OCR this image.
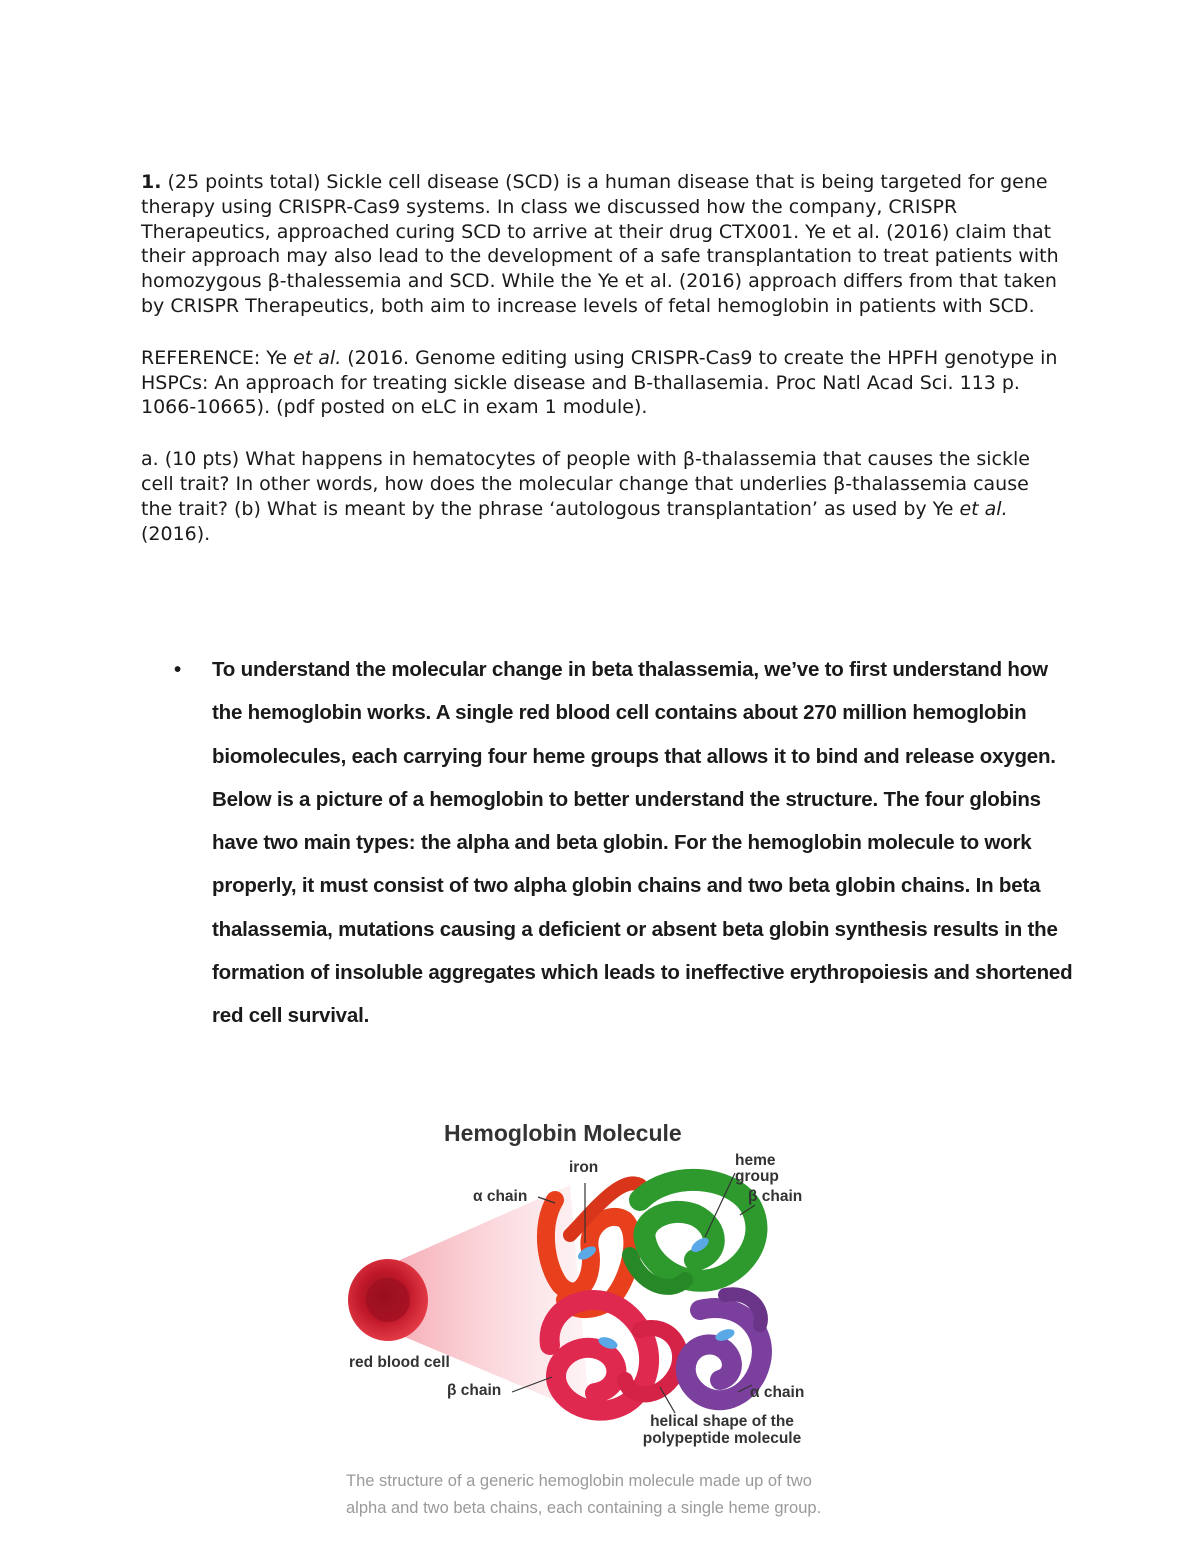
1. (25 points total) Sickle cell disease (SCD) is a human disease that is being targeted for gene therapy using CRISPR-Cas9 systems. In class we discussed how the company, CRISPR Therapeutics, approached curing SCD to arrive at their drug CTX001. Ye et al. (2016) claim that their approach may also lead to the development of a safe transplantation to treat patients with homozygous β-thalessemia and SCD. While the Ye et al. (2016) approach differs from that taken by CRISPR Therapeutics, both aim to increase levels of fetal hemoglobin in patients with SCD.

REFERENCE: Ye et al. (2016. Genome editing using CRISPR-Cas9 to create the HPFH genotype in HSPCs: An approach for treating sickle disease and B-thallasemia. Proc Natl Acad Sci. 113 p. 1066-10665). (pdf posted on eLC in exam 1 module).

a. (10 pts) What happens in hematocytes of people with β-thalassemia that causes the sickle cell trait? In other words, how does the molecular change that underlies β-thalassemia cause the trait? (b) What is meant by the phrase ‘autologous transplantation’ as used by Ye et al. (2016).

• To understand the molecular change in beta thalassemia, we’ve to first understand how the hemoglobin works. A single red blood cell contains about 270 million hemoglobin biomolecules, each carrying four heme groups that allows it to bind and release oxygen. Below is a picture of a hemoglobin to better understand the structure. The four globins have two main types: the alpha and beta globin. For the hemoglobin molecule to work properly, it must consist of two alpha globin chains and two beta globin chains. In beta thalassemia, mutations causing a deficient or absent beta globin synthesis results in the formation of insoluble aggregates which leads to ineffective erythropoiesis and shortened red cell survival.
Hemoglobin Molecule
iron
α chain
heme group
β chain
red blood cell
β chain	α chain
helical shape of the polypeptide molecule
The structure of a generic hemoglobin molecule made up of two alpha and two beta chains, each containing a single heme group.
